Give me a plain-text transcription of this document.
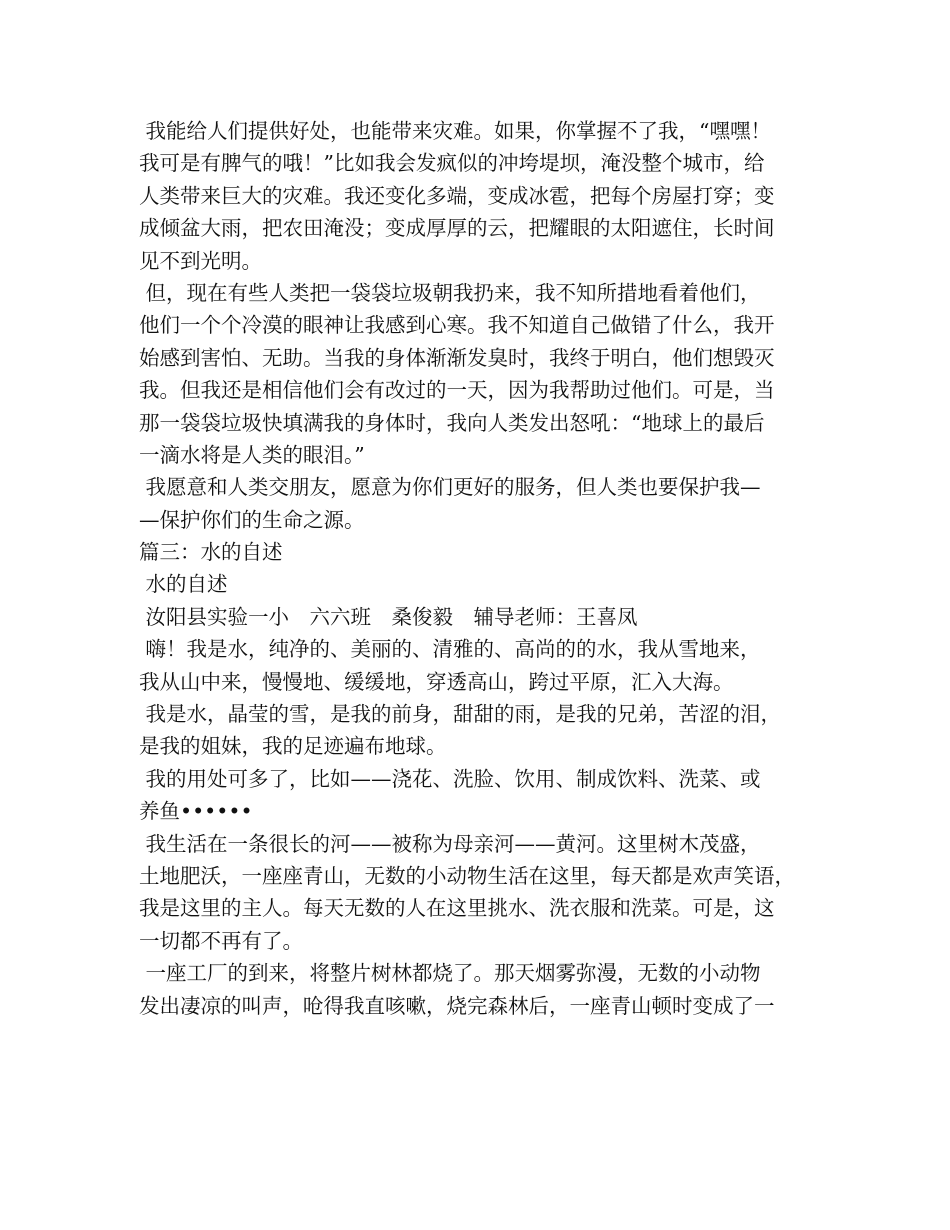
我能给人们提供好处，也能带来灾难。如果，你掌握不了我，“嘿嘿！
我可是有脾气的哦！”比如我会发疯似的冲垮堤坝，淹没整个城市，给
人类带来巨大的灾难。我还变化多端，变成冰雹，把每个房屋打穿；变
成倾盆大雨，把农田淹没；变成厚厚的云，把耀眼的太阳遮住，长时间
见不到光明。
但，现在有些人类把一袋袋垃圾朝我扔来，我不知所措地看着他们，
他们一个个冷漠的眼神让我感到心寒。我不知道自己做错了什么，我开
始感到害怕、无助。当我的身体渐渐发臭时，我终于明白，他们想毁灭
我。但我还是相信他们会有改过的一天，因为我帮助过他们。可是，当
那一袋袋垃圾快填满我的身体时，我向人类发出怒吼：“地球上的最后
一滴水将是人类的眼泪。”
我愿意和人类交朋友，愿意为你们更好的服务，但人类也要保护我—
—保护你们的生命之源。
篇三：水的自述
水的自述
汝阳县实验一小　六六班　桑俊毅　辅导老师：王喜凤
嗨！我是水，纯净的、美丽的、清雅的、高尚的的水，我从雪地来，
我从山中来，慢慢地、缓缓地，穿透高山，跨过平原，汇入大海。
我是水，晶莹的雪，是我的前身，甜甜的雨，是我的兄弟，苦涩的泪，
是我的姐妹，我的足迹遍布地球。
我的用处可多了，比如——浇花、洗脸、饮用、制成饮料、洗菜、或
养鱼••••••
我生活在一条很长的河——被称为母亲河——黄河。这里树木茂盛，
土地肥沃，一座座青山，无数的小动物生活在这里，每天都是欢声笑语，
我是这里的主人。每天无数的人在这里挑水、洗衣服和洗菜。可是，这
一切都不再有了。
一座工厂的到来，将整片树林都烧了。那天烟雾弥漫，无数的小动物
发出凄凉的叫声，呛得我直咳嗽，烧完森林后，一座青山顿时变成了一
